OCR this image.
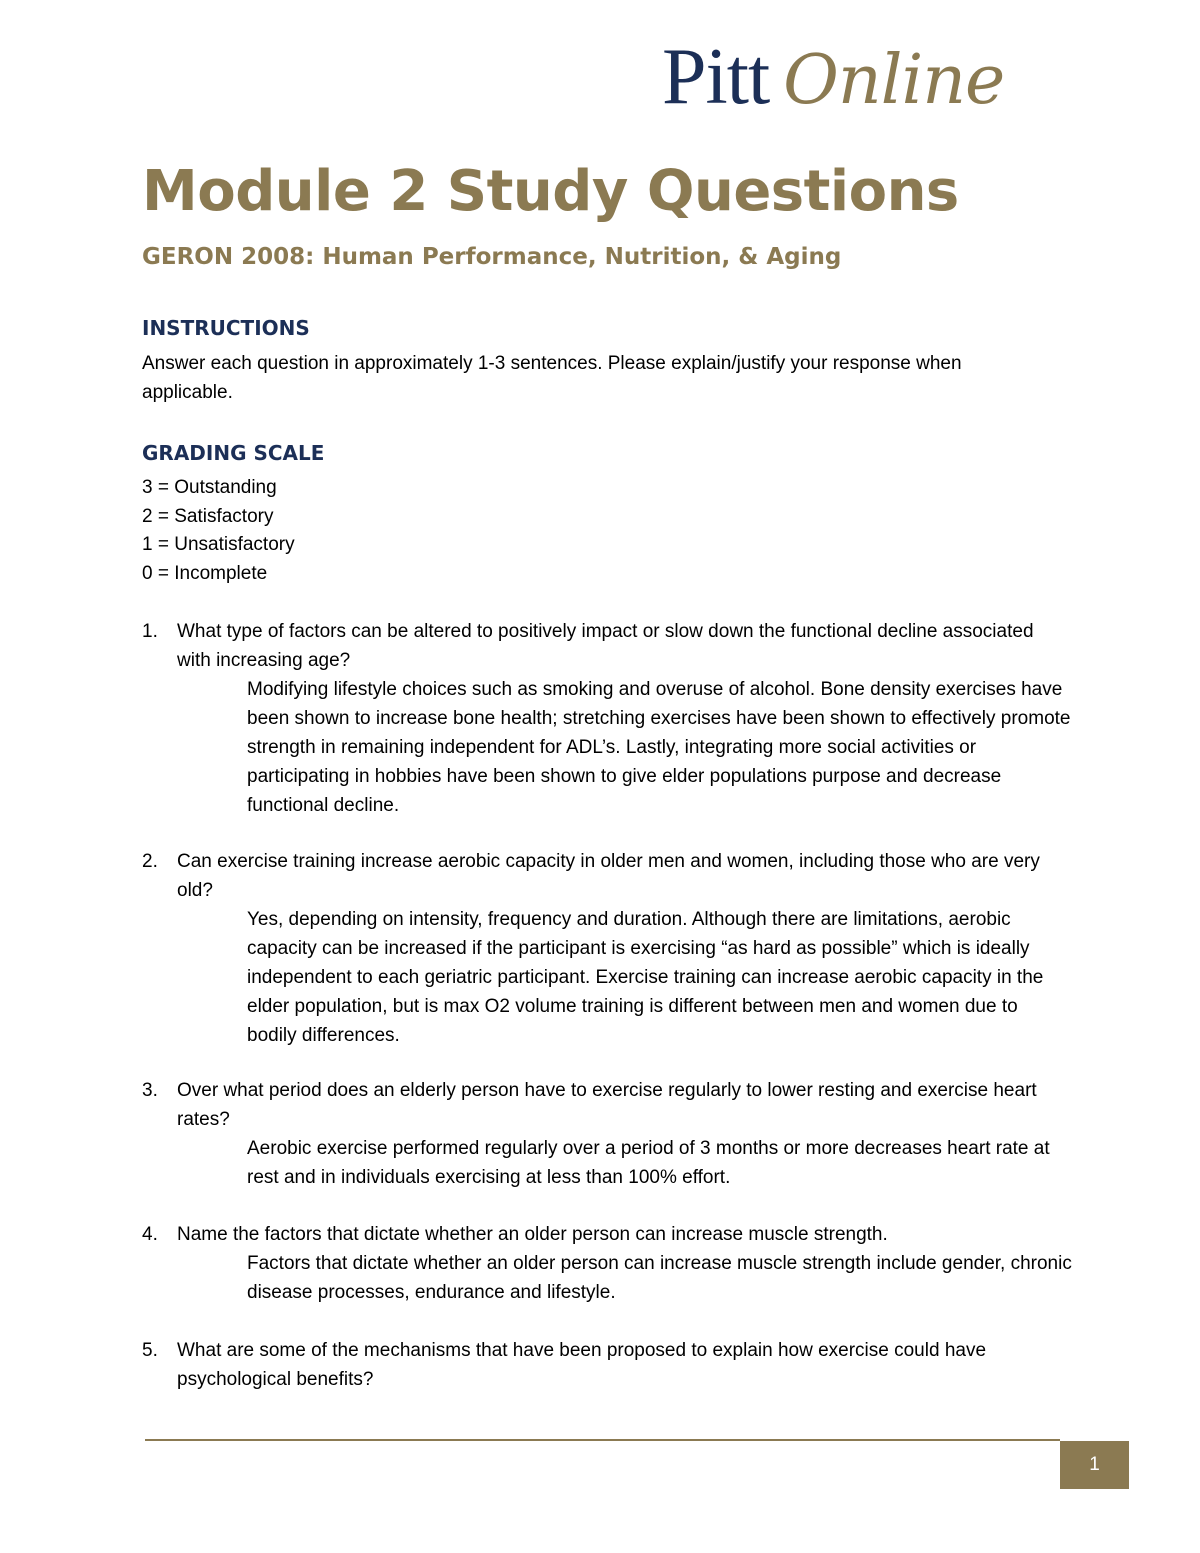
Pitt Online
Module 2 Study Questions
GERON 2008: Human Performance, Nutrition, & Aging
INSTRUCTIONS

Answer each question in approximately 1-3 sentences. Please explain/justify your response when applicable.

GRADING SCALE
3 = Outstanding
2 = Satisfactory
1 = Unsatisfactory
0 = Incomplete
1. What type of factors can be altered to positively impact or slow down the functional decline associated with increasing age?
Modifying lifestyle choices such as smoking and overuse of alcohol. Bone density exercises have been shown to increase bone health; stretching exercises have been shown to effectively promote strength in remaining independent for ADL’s. Lastly, integrating more social activities or participating in hobbies have been shown to give elder populations purpose and decrease functional decline.
2. Can exercise training increase aerobic capacity in older men and women, including those who are very old?
Yes, depending on intensity, frequency and duration. Although there are limitations, aerobic capacity can be increased if the participant is exercising “as hard as possible” which is ideally independent to each geriatric participant. Exercise training can increase aerobic capacity in the elder population, but is max O2 volume training is different between men and women due to bodily differences.
3. Over what period does an elderly person have to exercise regularly to lower resting and exercise heart rates?
Aerobic exercise performed regularly over a period of 3 months or more decreases heart rate at rest and in individuals exercising at less than 100% effort.
4. Name the factors that dictate whether an older person can increase muscle strength.
Factors that dictate whether an older person can increase muscle strength include gender, chronic disease processes, endurance and lifestyle.
5. What are some of the mechanisms that have been proposed to explain how exercise could have psychological benefits?
1
